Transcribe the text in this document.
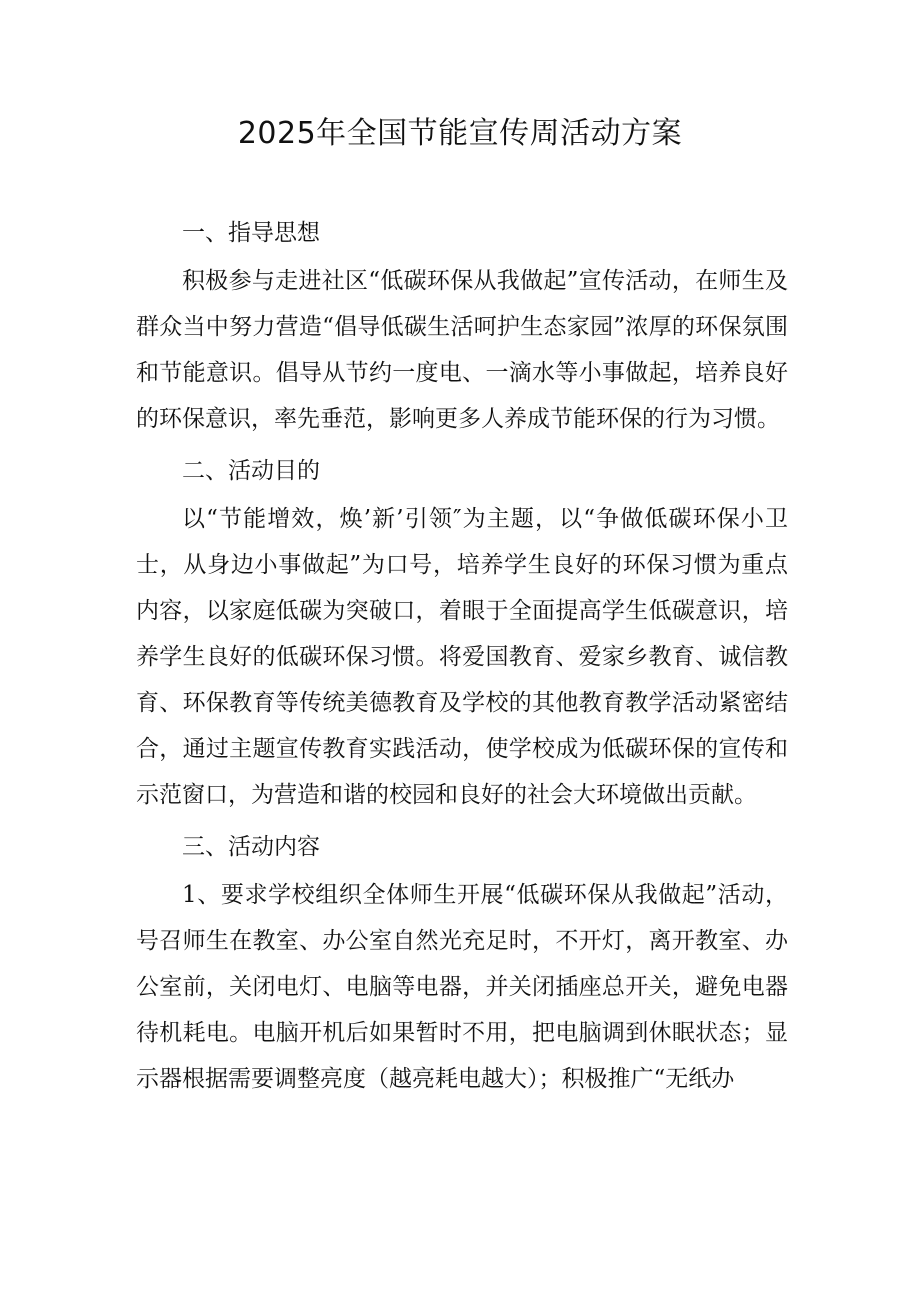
2025年全国节能宣传周活动方案

一、指导思想

积极参与走进社区“低碳环保从我做起”宣传活动，在师生及群众当中努力营造“倡导低碳生活呵护生态家园”浓厚的环保氛围和节能意识。倡导从节约一度电、一滴水等小事做起，培养良好的环保意识，率先垂范，影响更多人养成节能环保的行为习惯。

二、活动目的

以“节能增效，焕’新’引领″为主题，以“争做低碳环保小卫士，从身边小事做起”为口号，培养学生良好的环保习惯为重点内容，以家庭低碳为突破口，着眼于全面提高学生低碳意识，培养学生良好的低碳环保习惯。将爱国教育、爱家乡教育、诚信教育、环保教育等传统美德教育及学校的其他教育教学活动紧密结合，通过主题宣传教育实践活动，使学校成为低碳环保的宣传和示范窗口，为营造和谐的校园和良好的社会大环境做出贡献。

三、活动内容

1、要求学校组织全体师生开展“低碳环保从我做起”活动，号召师生在教室、办公室自然光充足时，不开灯，离开教室、办公室前，关闭电灯、电脑等电器，并关闭插座总开关，避免电器待机耗电。电脑开机后如果暂时不用，把电脑调到休眠状态；显示器根据需要调整亮度（越亮耗电越大）；积极推广“无纸办
